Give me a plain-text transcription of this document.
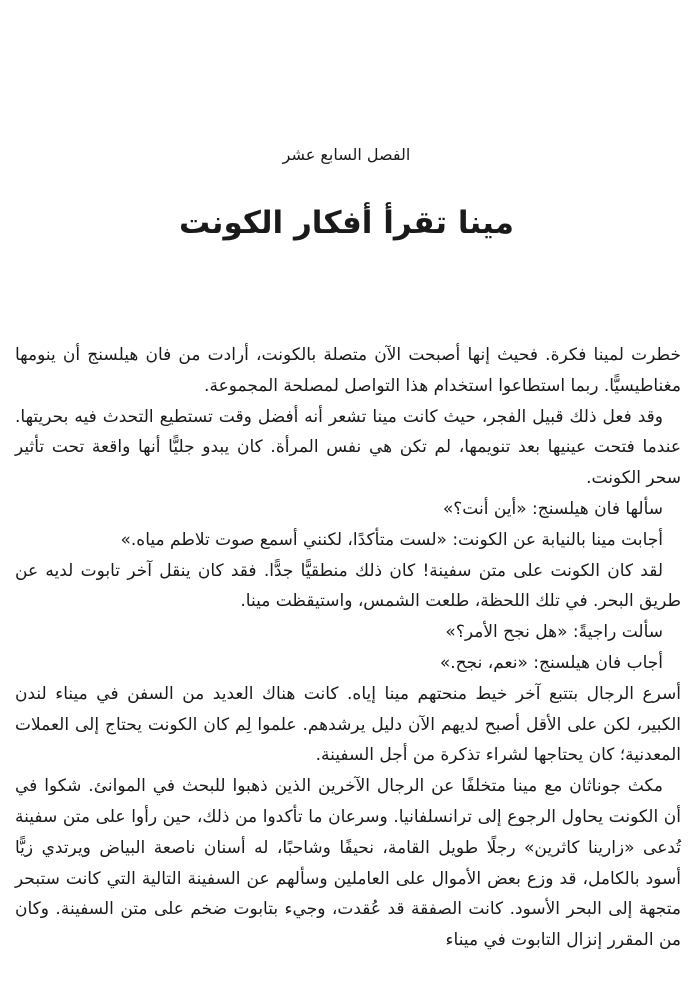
الفصل السابع عشر
مينا تقرأ أفكار الكونت

خطرت لمينا فكرة. فحيث إنها أصبحت الآن متصلة بالكونت، أرادت من فان هيلسنج أن ينومها مغناطيسيًّا. ربما استطاعوا استخدام هذا التواصل لمصلحة المجموعة.

وقد فعل ذلك قبيل الفجر، حيث كانت مينا تشعر أنه أفضل وقت تستطيع التحدث فيه بحريتها. عندما فتحت عينيها بعد تنويمها، لم تكن هي نفس المرأة. كان يبدو جليًّا أنها واقعة تحت تأثير سحر الكونت.

سألها فان هيلسنج: «أين أنت؟»

أجابت مينا بالنيابة عن الكونت: «لست متأكدًا، لكنني أسمع صوت تلاطم مياه.»

لقد كان الكونت على متن سفينة! كان ذلك منطقيًّا جدًّا. فقد كان ينقل آخر تابوت لديه عن طريق البحر. في تلك اللحظة، طلعت الشمس، واستيقظت مينا.

سألت راجيةً: «هل نجح الأمر؟»

أجاب فان هيلسنج: «نعم، نجح.»

أسرع الرجال بتتبع آخر خيط منحتهم مينا إياه. كانت هناك العديد من السفن في ميناء لندن الكبير، لكن على الأقل أصبح لديهم الآن دليل يرشدهم. علموا لِم كان الكونت يحتاج إلى العملات المعدنية؛ كان يحتاجها لشراء تذكرة من أجل السفينة.

مكث جوناثان مع مينا متخلفًا عن الرجال الآخرين الذين ذهبوا للبحث في الموانئ. شكوا في أن الكونت يحاول الرجوع إلى ترانسلفانيا. وسرعان ما تأكدوا من ذلك، حين رأوا على متن سفينة تُدعى «زارينا كاثرين» رجلًا طويل القامة، نحيفًا وشاحبًا، له أسنان ناصعة البياض ويرتدي زيًّا أسود بالكامل، قد وزع بعض الأموال على العاملين وسألهم عن السفينة التالية التي كانت ستبحر متجهة إلى البحر الأسود. كانت الصفقة قد عُقدت، وجيء بتابوت ضخم على متن السفينة. وكان من المقرر إنزال التابوت في ميناء
